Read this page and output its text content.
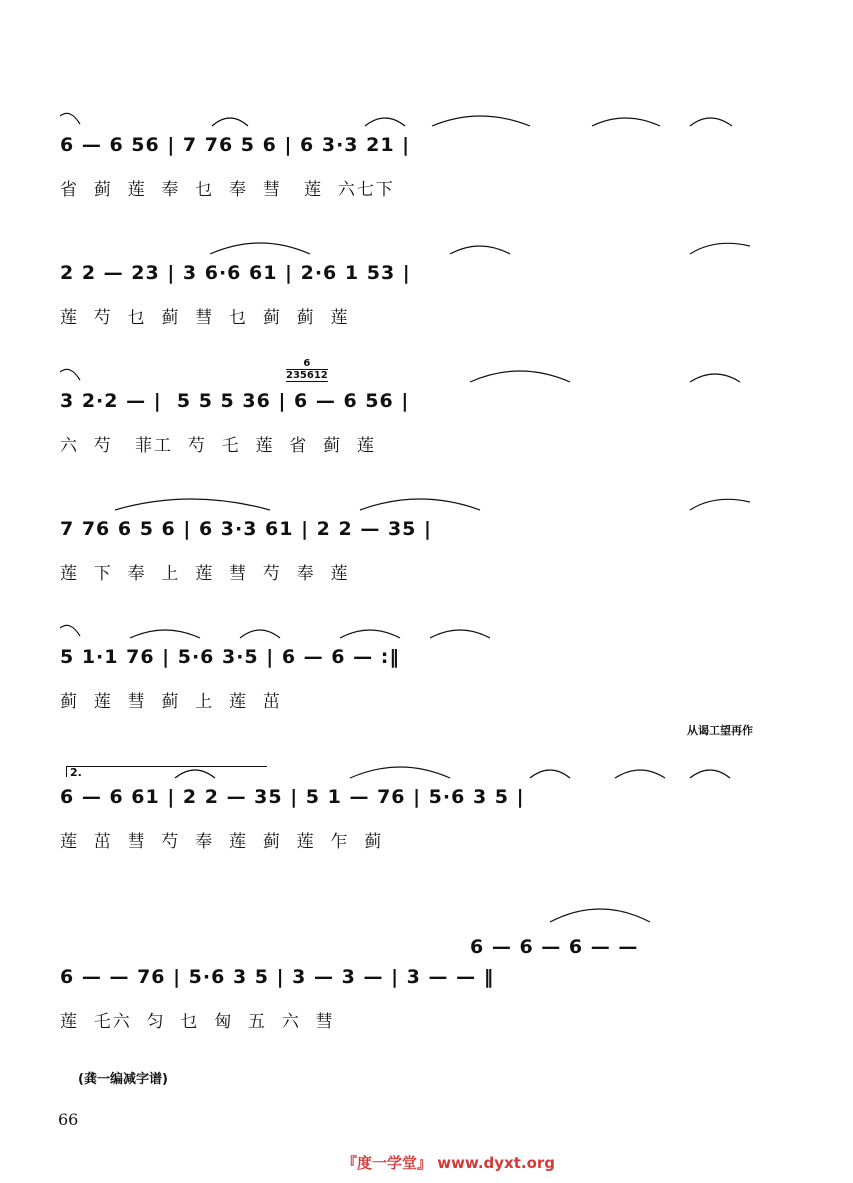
6 — 6 56 | 7 76 5 6 | 6 3·3 21 |
省  蓟  莲  奉  乜  奉  彗   莲  六七下
2 2 — 23 | 3 6·6 61 | 2·6 1 53 |
莲  芍  乜  蓟  彗  乜  蓟  蓟  莲
3 2·2 — |  5 5 5 36 | 6 — 6 56 |
六  芍   菲工  芍  乇  莲  省  蓟  莲
6
235612
7 76 6 5 6 | 6 3·3 61 | 2 2 — 35 |
莲  下  奉  上  莲  彗  芍  奉  莲
5 1·1 76 | 5·6 3·5 | 6 — 6 — :‖
蓟  莲  彗  蓟  上  莲  茁
从谒工望再作
2.
6 — 6 61 | 2 2 — 35 | 5 1 — 76 | 5·6 3 5 |
莲  茁  彗  芍  奉  莲  蓟  莲  乍  蓟
6 — 6 — 6 — —
6 — — 76 | 5·6 3 5 | 3 — 3 — | 3 — — ‖
莲  乇六  匀  乜  匈  五  六  彗
(龚一编减字谱)
66
『度一学堂』 www.dyxt.org
